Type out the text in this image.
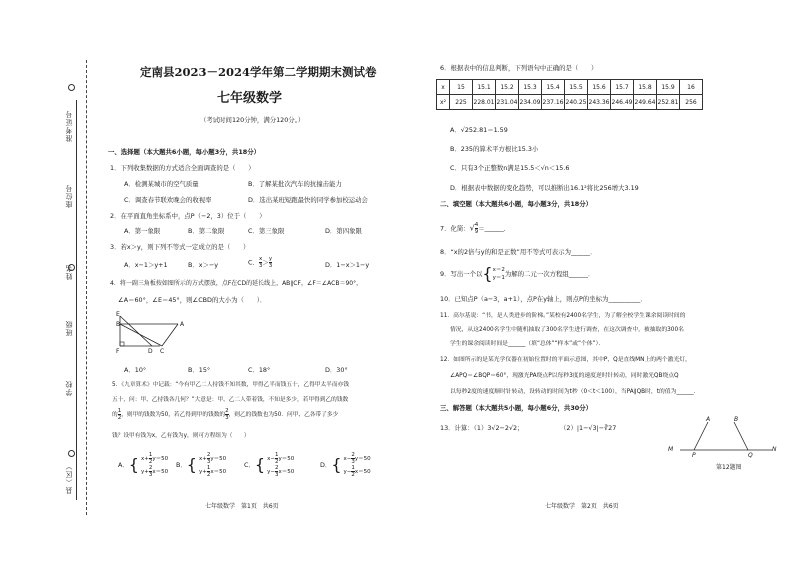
准考证号
座位号
姓名
班级
学校
县（区）
定南县2023－2024学年第二学期期末测试卷
七年级数学
（考试时间120分钟，满分120分。）
一、选择题（本大题共6小题，每小题3分，共18分）
1．下列收集数据的方式适合全面调查的是（　　）
A．检测某城市的空气质量	B．了解某批次汽车的抗撞击能力
C．调查春节联欢晚会的收视率	D．选出某班短跑最快的同学参加校运动会
2．在平面直角坐标系中，点P（−2，3）位于（　　）
A．第一象限	B．第二象限	C．第三象限	D．第四象限
3．若x＞y，则下列不等式一定成立的是（　　）
A．x−1＞y+1	B．x＞−y	C． $\frac{x}{3} > \frac{y}{3}$	D．1−x＞1−y
4．将一副三角板按如图所示的方式摆放，点F在CD的延长线上，AB∥CF，∠F＝∠ACB＝90°，
∠A＝60°，∠E＝45°，则∠CBD的大小为（　　）．
E
B	A
F	D C
A．10°	B．15°	C．18°	D．30°
5．《九章算术》中记载：“今有甲乙二人持钱不知其数，甲得乙半而钱五十，乙得甲太半而亦钱
五十，问：甲、乙持钱各几何？”大意是：甲、乙二人带着钱，不知是多少，若甲得到乙的钱数
的 $\frac{1}{2}$ ，则甲的钱数为50，若乙得到甲的钱数的 $\frac{2}{3}$ ，则乙的钱数也为50．问甲、乙各带了多少
钱？设甲有钱为x，乙有钱为y，则可方程组为（　　）
A．{ $x+ \frac{1}{2} y=50$
$y+ \frac{2}{3} x=50$
B．{ $x+ \frac{2}{3} y=50$
$y+ \frac{1}{2} x=50$
C．{ $x- \frac{1}{2} y=50$
$y- \frac{2}{3} x=50$
D．{ $x- \frac{2}{3} y=50$
$y- \frac{1}{2} x=50$
七年级数学　第1页　共6页
6．根据表中的信息判断，下列语句中正确的是（　　）
x	15	15.1	15.2	15.3	15.4	15.5	15.6	15.7	15.8	15.9	16
x²	225	228.01	231.04	234.09	237.16	240.25	243.36	246.49	249.64	252.81	256
A．√252.81＝1.59
B．235的算术平方根比15.3小
C．只有3个正整数n满足15.5＜√n＜15.6
D．根据表中数据的变化趋势，可以推断出16.1²将比256增大3.19
二、填空题（本大题共6小题，每小题3分，共18分）
7．化简：√ $\frac{4}{9}$ ＝______．
8．“x的2倍与y的和是正数”用不等式可表示为______．
9．写出一个以{ x＝2
y＝1 为解的二元一次方程组______．
10．已知点P（a−3，a+1），点P在y轴上，则点P的坐标为__________．
11．高尔基说：“书，是人类进步的阶梯。”某校有2400名学生，为了解全校学生课余阅读时间的
情况，从这2400名学生中随机抽取了300名学生进行调查，在这次调查中，被抽取的300名
学生的课余阅读时间是______（填“总体”“样本”或“个体”）．
12．如图所示的是某光学仪器在初始位置时的平面示意图，其中P，Q是直线MN上的两个激光灯，
∠APQ＝∠BQP＝60°，现激光PA绕点P以每秒3度的速度逆时针转动，同时激光QB绕点Q
以每秒2度的速度顺时针转动，设转动的时间为t秒（0＜t＜100），当PA∥QB时，t的值为______．
三、解答题（本大题共5小题，每小题6分，共30分）
13．计算：（1）3√2−2√2；	（2）|1−√3|−∛27
A	B
M
P	Q
N
第12题图
七年级数学　第2页　共6页
